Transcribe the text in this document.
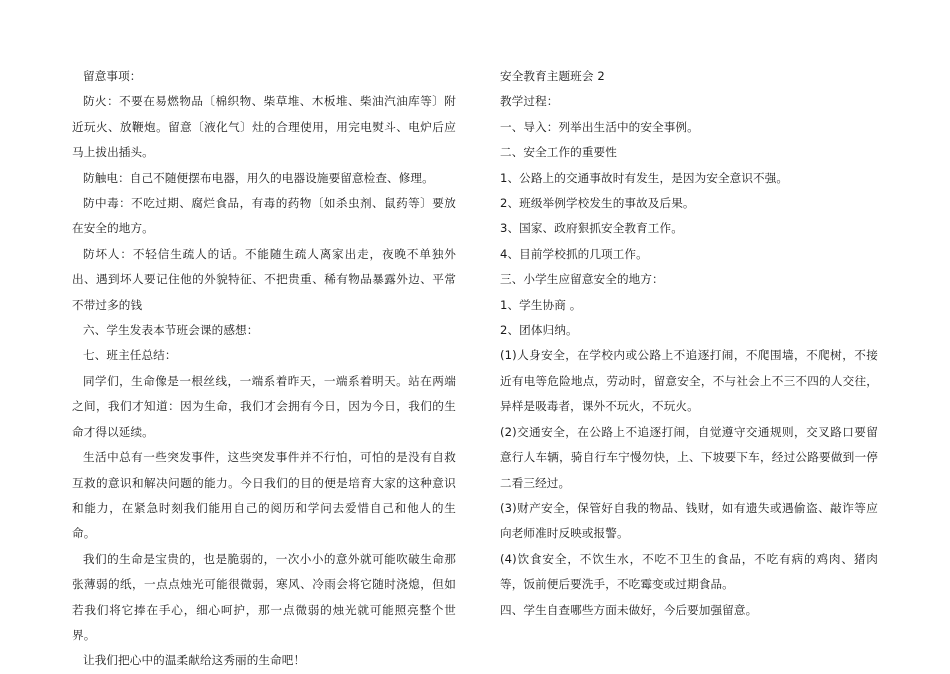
留意事项：

防火：不要在易燃物品〔棉织物、柴草堆、木板堆、柴油汽油库等〕附近玩火、放鞭炮。留意〔液化气〕灶的合理使用，用完电熨斗、电炉后应马上拔出插头。

防触电：自己不随便摆布电器，用久的电器设施要留意检查、修理。

防中毒：不吃过期、腐烂食品，有毒的药物〔如杀虫剂、鼠药等〕要放在安全的地方。

防坏人：不轻信生疏人的话。不能随生疏人离家出走，夜晚不单独外出、遇到坏人要记住他的外貌特征、不把贵重、稀有物品暴露外边、平常不带过多的钱

六、学生发表本节班会课的感想：

七、班主任总结：

同学们，生命像是一根丝线，一端系着昨天，一端系着明天。站在两端之间，我们才知道：因为生命，我们才会拥有今日，因为今日，我们的生命才得以延续。

生活中总有一些突发事件，这些突发事件并不行怕，可怕的是没有自救互救的意识和解决问题的能力。今日我们的目的便是培育大家的这种意识和能力，在紧急时刻我们能用自己的阅历和学问去爱惜自己和他人的生命。

我们的生命是宝贵的，也是脆弱的，一次小小的意外就可能吹破生命那张薄弱的纸，一点点烛光可能很微弱，寒风、冷雨会将它随时浇熄，但如若我们将它捧在手心，细心呵护，那一点微弱的烛光就可能照亮整个世界。

让我们把心中的温柔献给这秀丽的生命吧！

安全教育主题班会 2

教学过程：

一、导入：列举出生活中的安全事例。

二、安全工作的重要性

1、公路上的交通事故时有发生，是因为安全意识不强。

2、班级举例学校发生的事故及后果。

3、国家、政府狠抓安全教育工作。

4、目前学校抓的几项工作。

三、小学生应留意安全的地方：

1、学生协商 。

2、团体归纳。

(1)人身安全，在学校内或公路上不追逐打闹，不爬围墙，不爬树，不接近有电等危险地点，劳动时，留意安全，不与社会上不三不四的人交往，异样是吸毒者，课外不玩火，不玩火。

(2)交通安全，在公路上不追逐打闹，自觉遵守交通规则，交叉路口要留意行人车辆，骑自行车宁慢勿快，上、下坡要下车，经过公路要做到一停二看三经过。

(3)财产安全，保管好自我的物品、钱财，如有遗失或遇偷盗、敲诈等应向老师准时反映或报警。

(4)饮食安全，不饮生水，不吃不卫生的食品，不吃有病的鸡肉、猪肉等，饭前便后要洗手，不吃霉变或过期食品。

四、学生自查哪些方面未做好，今后要加强留意。
